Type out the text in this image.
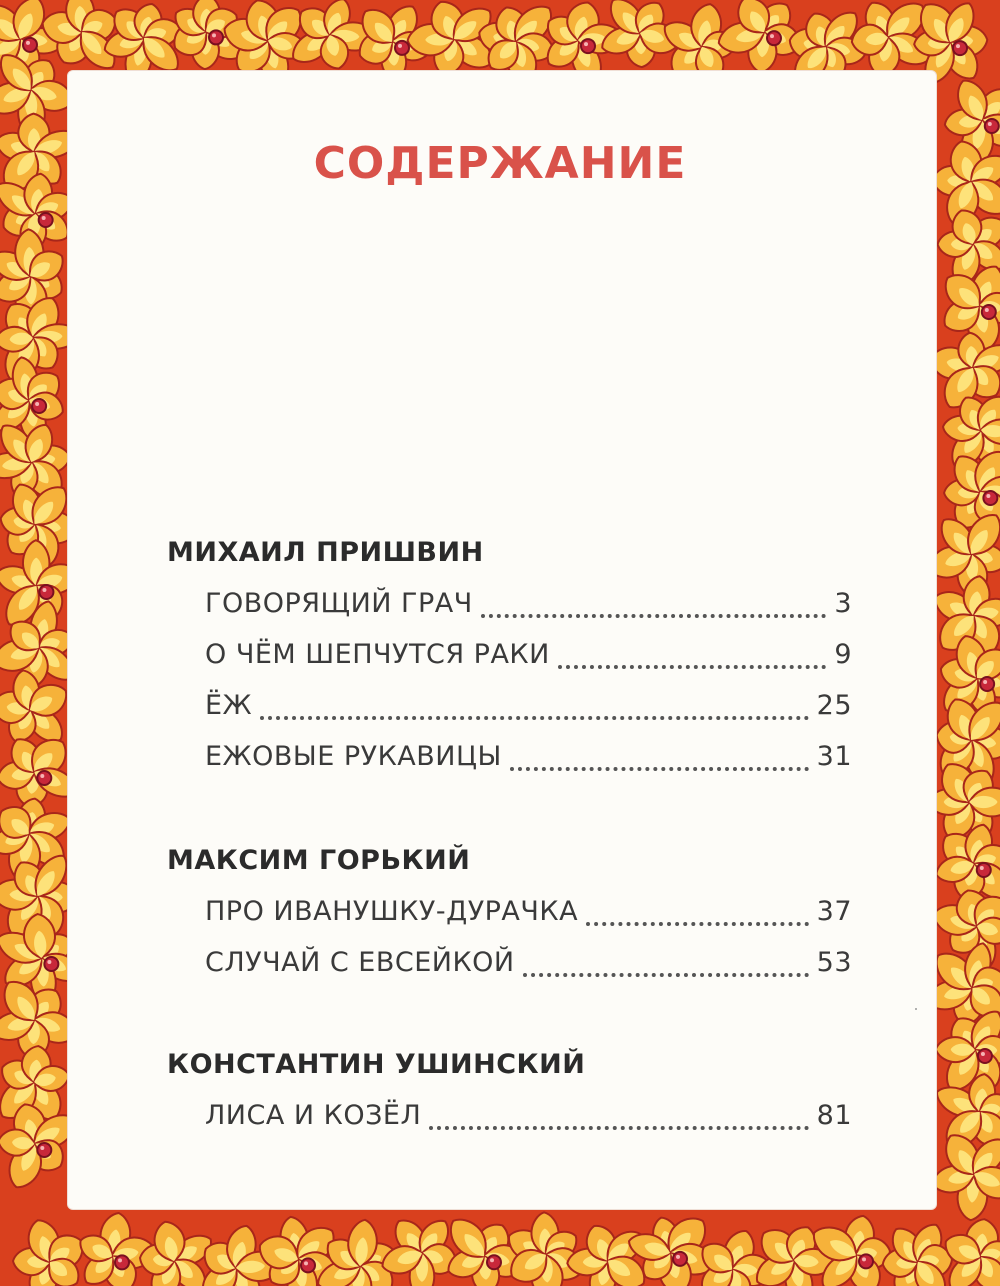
СОДЕРЖАНИЕ
МИХАИЛ ПРИШВИН
ГОВОРЯЩИЙ ГРАЧ	3
О ЧЁМ ШЕПЧУТСЯ РАКИ	9
ЁЖ	25
ЕЖОВЫЕ РУКАВИЦЫ	31
МАКСИМ ГОРЬКИЙ
ПРО ИВАНУШКУ-ДУРАЧКА	37
СЛУЧАЙ С ЕВСЕЙКОЙ	53
КОНСТАНТИН УШИНСКИЙ
ЛИСА И КОЗЁЛ	81
